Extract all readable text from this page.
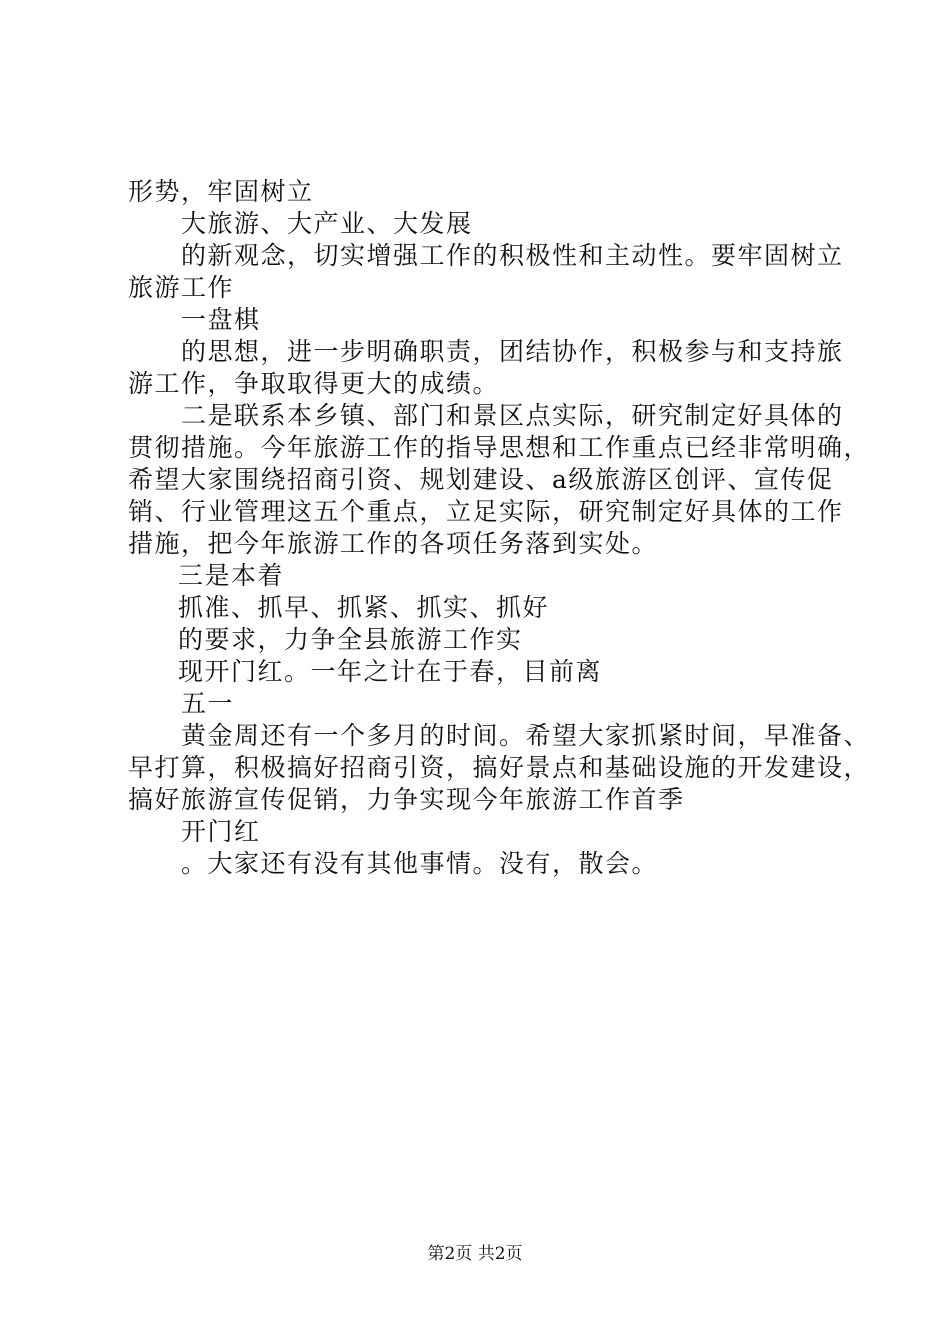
形势，牢固树立
大旅游、大产业、大发展
的新观念，切实增强工作的积极性和主动性。要牢固树立
旅游工作
一盘棋
的思想，进一步明确职责，团结协作，积极参与和支持旅
游工作，争取取得更大的成绩。
二是联系本乡镇、部门和景区点实际，研究制定好具体的
贯彻措施。今年旅游工作的指导思想和工作重点已经非常明确，
希望大家围绕招商引资、规划建设、a级旅游区创评、宣传促
销、行业管理这五个重点，立足实际，研究制定好具体的工作
措施，把今年旅游工作的各项任务落到实处。
三是本着
抓准、抓早、抓紧、抓实、抓好
的要求，力争全县旅游工作实
现开门红。一年之计在于春，目前离
五一
黄金周还有一个多月的时间。希望大家抓紧时间，早准备、
早打算，积极搞好招商引资，搞好景点和基础设施的开发建设，
搞好旅游宣传促销，力争实现今年旅游工作首季
开门红
。大家还有没有其他事情。没有，散会。
第2页 共2页
